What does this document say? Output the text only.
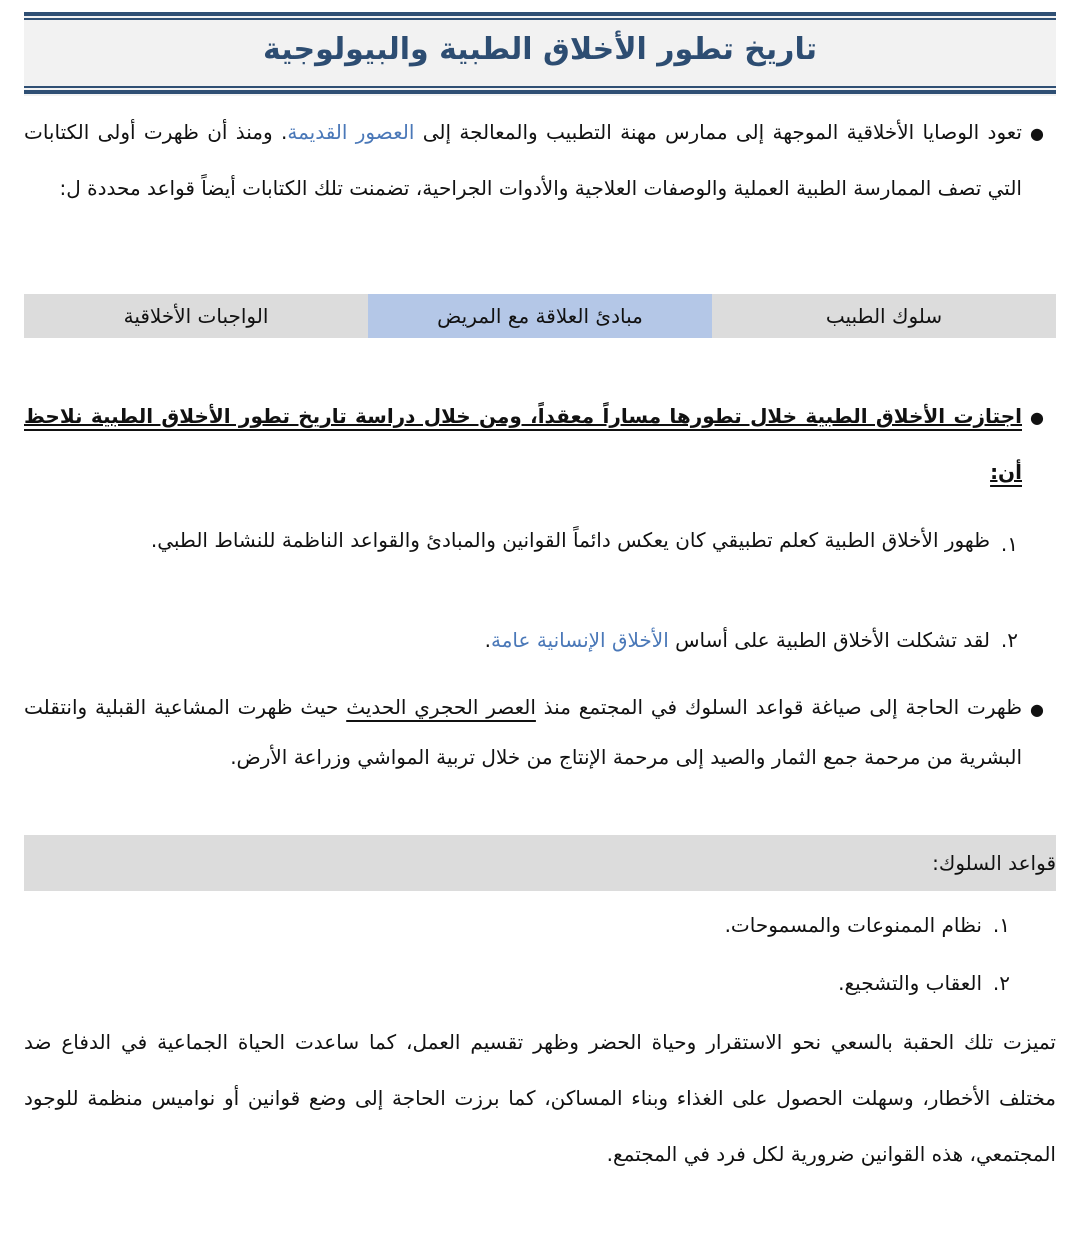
تاريخ تطور الأخلاق الطبية والبيولوجية
●
تعود الوصايا الأخلاقية الموجهة إلى ممارس مهنة التطبيب والمعالجة إلى العصور القديمة. ومنذ أن ظهرت أولى الكتابات التي تصف الممارسة الطبية العملية والوصفات العلاجية والأدوات الجراحية، تضمنت تلك الكتابات أيضاً قواعد محددة ل:
سلوك الطبيب
مبادئ العلاقة مع المريض
الواجبات الأخلاقية
●
اجتازت الأخلاق الطبية خلال تطورها مساراً معقداً، ومن خلال دراسة تاريخ تطور الأخلاق الطبية نلاحظ أن:
١.
ظهور الأخلاق الطبية كعلم تطبيقي كان يعكس دائماً القوانين والمبادئ والقواعد الناظمة للنشاط الطبي.
٢.
لقد تشكلت الأخلاق الطبية على أساس الأخلاق الإنسانية عامة.
●
ظهرت الحاجة إلى صياغة قواعد السلوك في المجتمع منذ العصر الحجري الحديث حيث ظهرت المشاعية القبلية وانتقلت البشرية من مرحمة جمع الثمار والصيد إلى مرحمة الإنتاج من خلال تربية المواشي وزراعة الأرض.
قواعد السلوك:
١.
نظام الممنوعات والمسموحات.
٢.
العقاب والتشجيع.
تميزت تلك الحقبة بالسعي نحو الاستقرار وحياة الحضر وظهر تقسيم العمل، كما ساعدت الحياة الجماعية في الدفاع ضد مختلف الأخطار، وسهلت الحصول على الغذاء وبناء المساكن، كما برزت الحاجة إلى وضع قوانين أو نواميس منظمة للوجود المجتمعي، هذه القوانين ضرورية لكل فرد في المجتمع.
